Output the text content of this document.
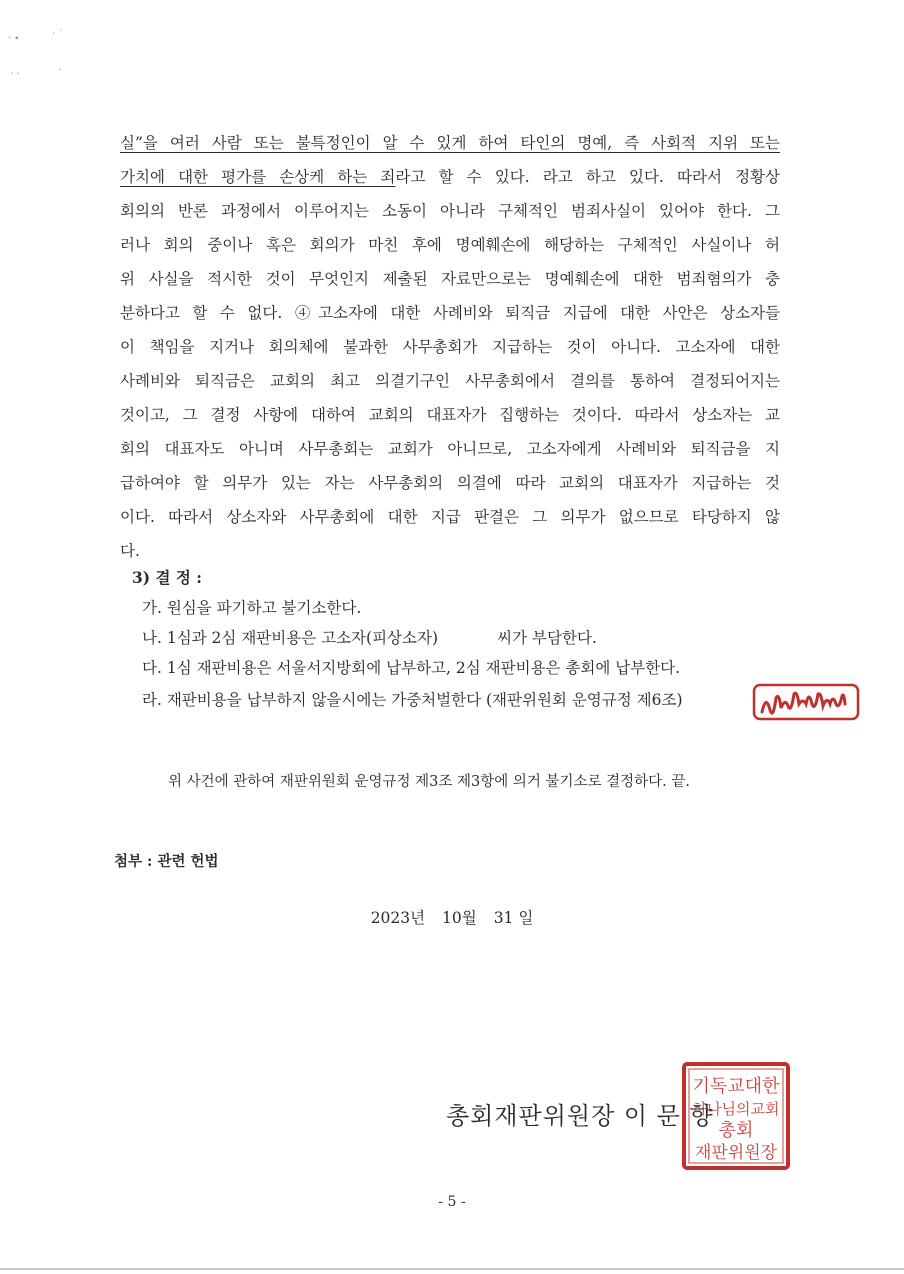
· ∙	· ˙
· ·	·
실”을 여러 사람 또는 불특정인이 알 수 있게 하여 타인의 명예, 즉 사회적 지위 또는
가치에 대한 평가를 손상케 하는 죄라고 할 수 있다. 라고 하고 있다. 따라서 정황상
회의의 반론 과정에서 이루어지는 소동이 아니라 구체적인 범죄사실이 있어야 한다. 그
러나 회의 중이나 혹은 회의가 마친 후에 명예훼손에 해당하는 구체적인 사실이나 허
위 사실을 적시한 것이 무엇인지 제출된 자료만으로는 명예훼손에 대한 범죄혐의가 충
분하다고 할 수 없다. ④고소자에 대한 사례비와 퇴직금 지급에 대한 사안은 상소자들
이 책임을 지거나 회의체에 불과한 사무총회가 지급하는 것이 아니다. 고소자에 대한
사례비와 퇴직금은 교회의 최고 의결기구인 사무총회에서 결의를 통하여 결정되어지는
것이고, 그 결정 사항에 대하여 교회의 대표자가 집행하는 것이다. 따라서 상소자는 교
회의 대표자도 아니며 사무총회는 교회가 아니므로, 고소자에게 사례비와 퇴직금을 지
급하여야 할 의무가 있는 자는 사무총회의 의결에 따라 교회의 대표자가 지급하는 것
이다. 따라서 상소자와 사무총회에 대한 지급 판결은 그 의무가 없으므로 타당하지 않
다.
3) 결 정 :
가. 원심을 파기하고 불기소한다.
나. 1심과 2심 재판비용은 고소자(피상소자)            씨가 부담한다.
다. 1심 재판비용은 서울서지방회에 납부하고, 2심 재판비용은 총회에 납부한다.
라. 재판비용을 납부하지 않을시에는 가중처벌한다 (재판위원회 운영규정 제6조)
위 사건에 관하여 재판위원회 운영규정 제3조 제3항에 의거 불기소로 결정하다. 끝.
첨부 : 관련 헌법
2023년 10월 31 일
총회재판위원장 이 문 향
기독교대한
하나님의교회
총회
재판위원장
- 5 -
